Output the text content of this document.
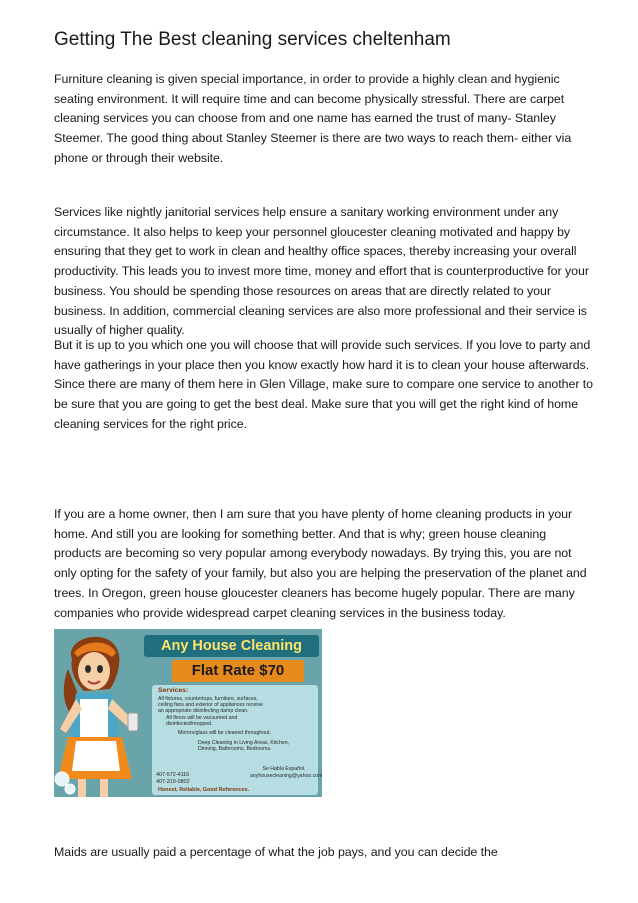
Getting The Best cleaning services cheltenham

Furniture cleaning is given special importance, in order to provide a highly clean and hygienic seating environment. It will require time and can become physically stressful. There are carpet cleaning services you can choose from and one name has earned the trust of many- Stanley Steemer. The good thing about Stanley Steemer is there are two ways to reach them- either via phone or through their website.

Services like nightly janitorial services help ensure a sanitary working environment under any circumstance. It also helps to keep your personnel gloucester cleaning motivated and happy by ensuring that they get to work in clean and healthy office spaces, thereby increasing your overall productivity. This leads you to invest more time, money and effort that is counterproductive for your business. You should be spending those resources on areas that are directly related to your business. In addition, commercial cleaning services are also more professional and their service is usually of higher quality.

But it is up to you which one you will choose that will provide such services. If you love to party and have gatherings in your place then you know exactly how hard it is to clean your house afterwards. Since there are many of them here in Glen Village, make sure to compare one service to another to be sure that you are going to get the best deal. Make sure that you will get the right kind of home cleaning services for the right price.

If you are a home owner, then I am sure that you have plenty of home cleaning products in your home. And still you are looking for something better. And that is why; green house cleaning products are becoming so very popular among everybody nowadays. By trying this, you are not only opting for the safety of your family, but also you are helping the preservation of the planet and trees. In Oregon, green house gloucester cleaners has become hugely popular. There are many companies who provide widespread carpet cleaning services in the business today.

Any House Cleaning
Flat Rate $70
Services:
All fixtures, countertops, furniture, surfaces,
ceiling fans and exterior of appliances receive
an appropriate disinfecting damp clean.
All floors will be vacuumed and
disinfected/mopped.
Mirrors/glass will be cleaned throughout.
Deep Cleaning in Living Areas, Kitchen,
Dinning, Bathrooms, Bedrooms.
407-572-4116
407-319-0802
Se Habla Español.
anyhousecleaning@yahoo.com
Honest, Reliable, Good References.

Maids are usually paid a percentage of what the job pays, and you can decide the
